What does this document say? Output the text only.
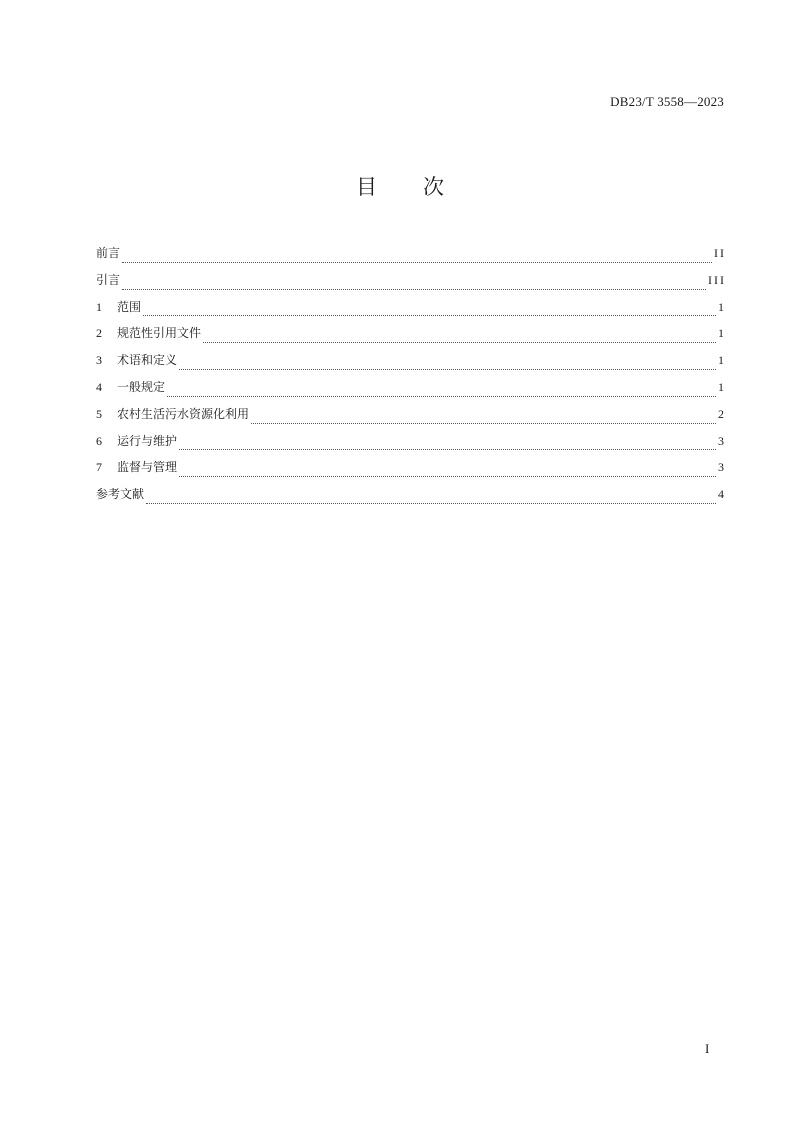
DB23/T 3558—2023
目 次
前言	II
引言	III
1	范围	1
2	规范性引用文件	1
3	术语和定义	1
4	一般规定	1
5	农村生活污水资源化利用	2
6	运行与维护	3
7	监督与管理	3
参考文献	4
I
